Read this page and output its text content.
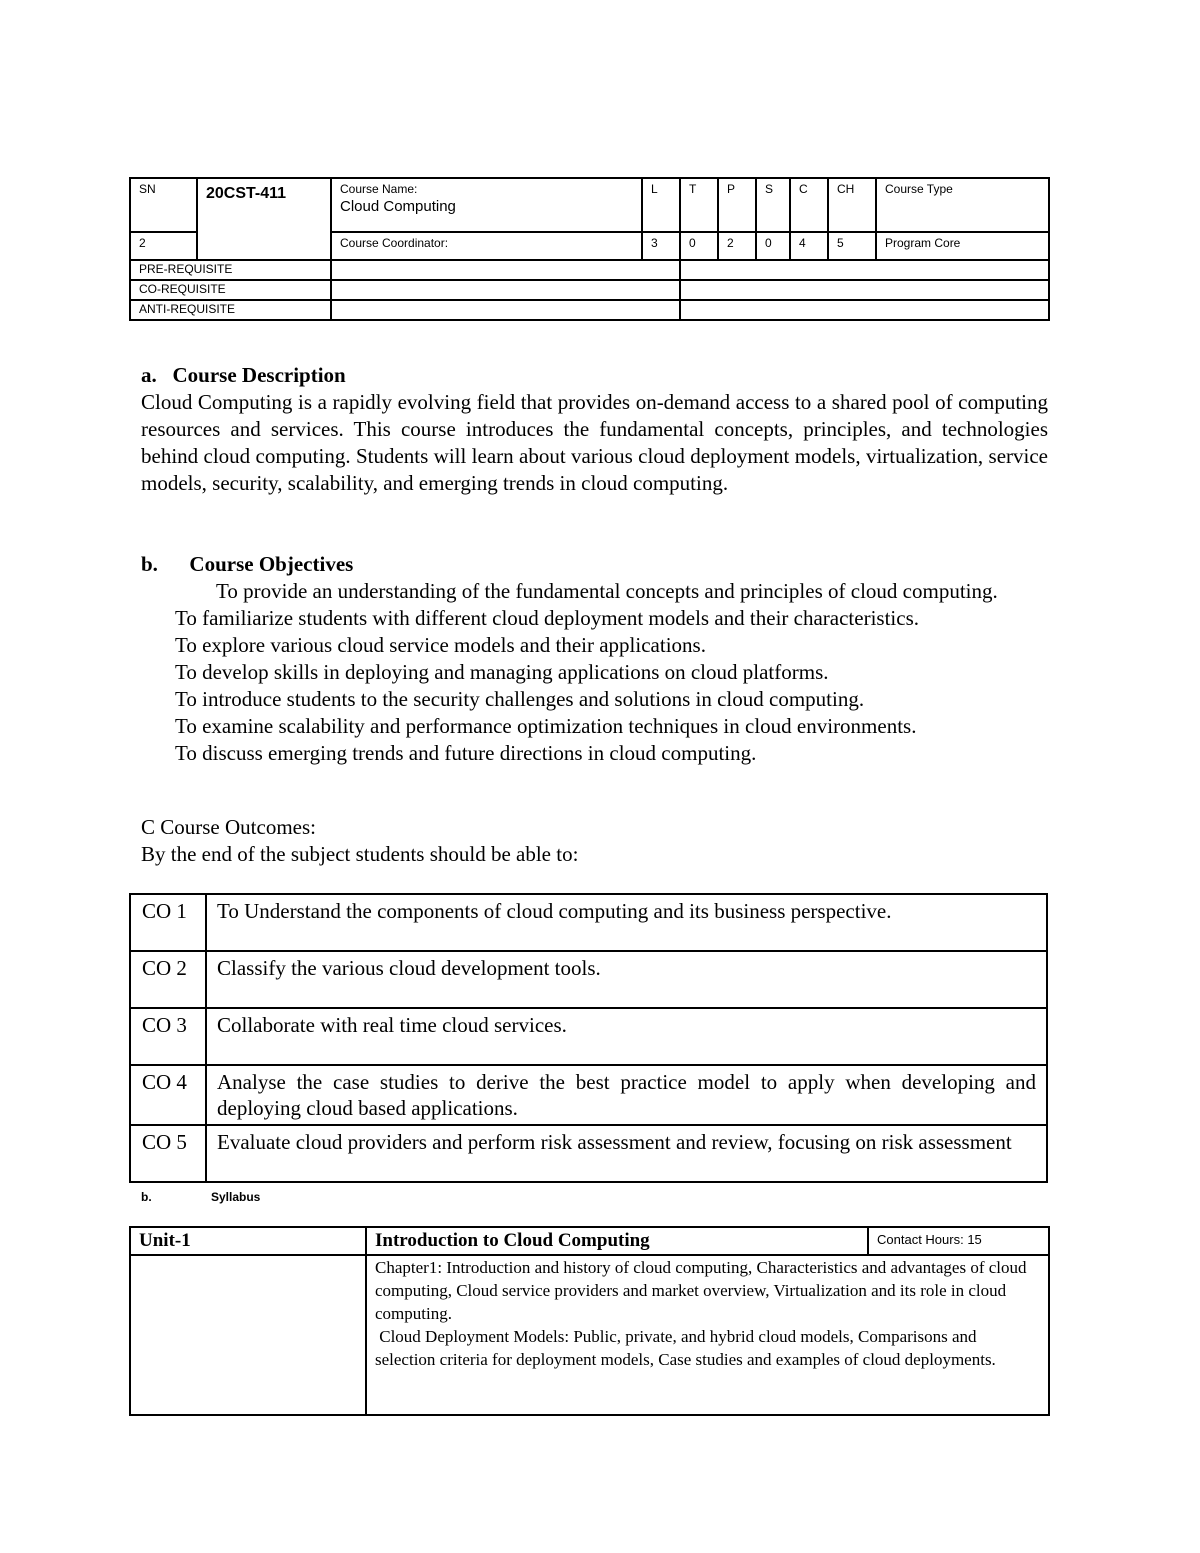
SN	20CST-411	Course Name:
Cloud Computing	L	T	P	S	C	CH	Course Type
2		Course Coordinator:	3	0	2	0	4	5	Program Core
PRE-REQUISITE									
CO-REQUISITE									
ANTI-REQUISITE									
a.   Course Description
Cloud Computing is a rapidly evolving field that provides on-demand access to a shared pool of computing resources and services. This course introduces the fundamental concepts, principles, and technologies behind cloud computing. Students will learn about various cloud deployment models, virtualization, service models, security, scalability, and emerging trends in cloud computing.
b.      Course Objectives
To provide an understanding of the fundamental concepts and principles of cloud computing.
To familiarize students with different cloud deployment models and their characteristics.
To explore various cloud service models and their applications.
To develop skills in deploying and managing applications on cloud platforms.
To introduce students to the security challenges and solutions in cloud computing.
To examine scalability and performance optimization techniques in cloud environments.
To discuss emerging trends and future directions in cloud computing.
C Course Outcomes:
By the end of the subject students should be able to:
CO 1	To Understand the components of cloud computing and its business perspective.
CO 2	Classify the various cloud development tools.
CO 3	Collaborate with real time cloud services.
CO 4	Analyse the case studies to derive the best practice model to apply when developing and deploying cloud based applications.
CO 5	Evaluate cloud providers and perform risk assessment and review, focusing on risk assessment
b.	Syllabus
Unit-1	Introduction to Cloud Computing	Contact Hours: 15

	Chapter1: Introduction and history of cloud computing, Characteristics and advantages of cloud computing, Cloud service providers and market overview, Virtualization and its role in cloud computing.
Cloud Deployment Models: Public, private, and hybrid cloud models, Comparisons and selection criteria for deployment models, Case studies and examples of cloud deployments.	
